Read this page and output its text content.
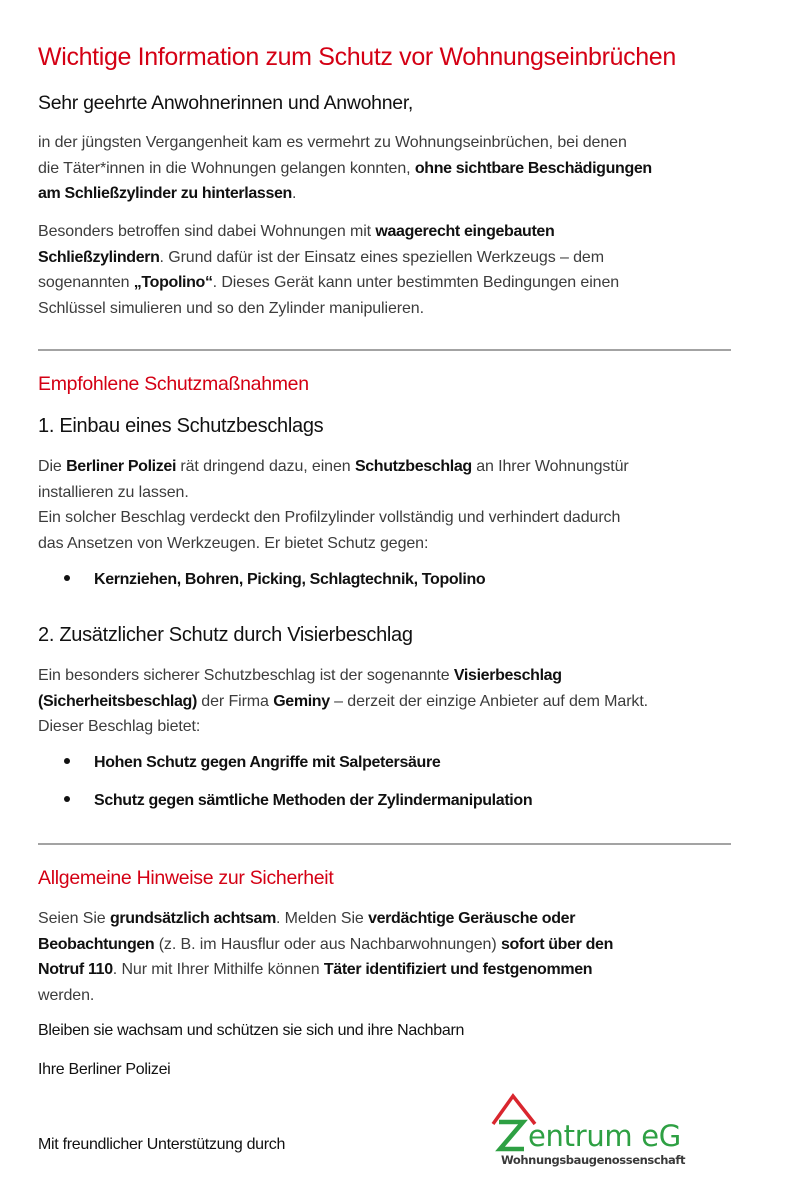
Wichtige Information zum Schutz vor Wohnungseinbrüchen
Sehr geehrte Anwohnerinnen und Anwohner,
in der jüngsten Vergangenheit kam es vermehrt zu Wohnungseinbrüchen, bei denen
die Täter*innen in die Wohnungen gelangen konnten, ohne sichtbare Beschädigungen
am Schließzylinder zu hinterlassen.
Besonders betroffen sind dabei Wohnungen mit waagerecht eingebauten
Schließzylindern. Grund dafür ist der Einsatz eines speziellen Werkzeugs – dem
sogenannten „Topolino“. Dieses Gerät kann unter bestimmten Bedingungen einen
Schlüssel simulieren und so den Zylinder manipulieren.
Empfohlene Schutzmaßnahmen
1. Einbau eines Schutzbeschlags
Die Berliner Polizei rät dringend dazu, einen Schutzbeschlag an Ihrer Wohnungstür
installieren zu lassen.
Ein solcher Beschlag verdeckt den Profilzylinder vollständig und verhindert dadurch
das Ansetzen von Werkzeugen. Er bietet Schutz gegen:
Kernziehen, Bohren, Picking, Schlagtechnik, Topolino
2. Zusätzlicher Schutz durch Visierbeschlag
Ein besonders sicherer Schutzbeschlag ist der sogenannte Visierbeschlag
(Sicherheitsbeschlag) der Firma Geminy – derzeit der einzige Anbieter auf dem Markt.
Dieser Beschlag bietet:
Hohen Schutz gegen Angriffe mit Salpetersäure
Schutz gegen sämtliche Methoden der Zylindermanipulation
Allgemeine Hinweise zur Sicherheit
Seien Sie grundsätzlich achtsam. Melden Sie verdächtige Geräusche oder
Beobachtungen (z. B. im Hausflur oder aus Nachbarwohnungen) sofort über den
Notruf 110. Nur mit Ihrer Mithilfe können Täter identifiziert und festgenommen
werden.
Bleiben sie wachsam und schützen sie sich und ihre Nachbarn
Ihre Berliner Polizei
Mit freundlicher Unterstützung durch	entrum eG
Wohnungsbaugenossenschaft
